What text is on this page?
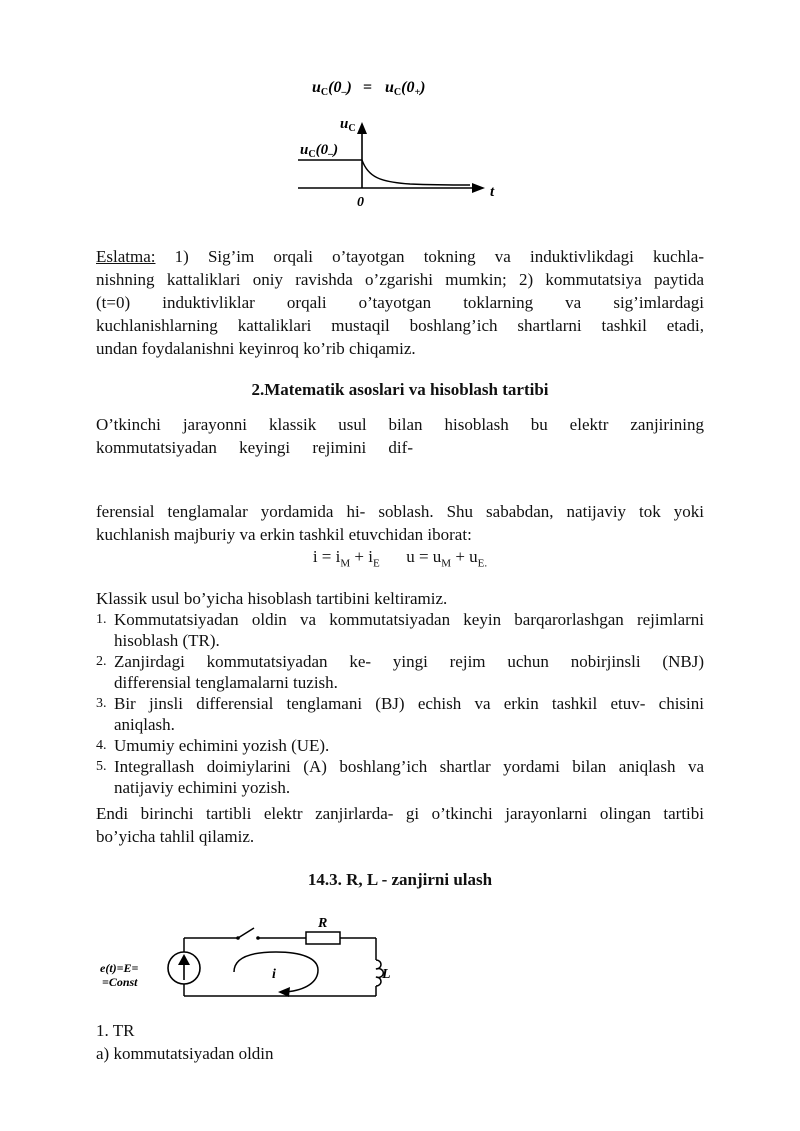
uC(0–) = uC(0+)
$u_C$
t
0
$u_C(0_-)$
Eslatma: 1) Sig’im orqali o’tayotgan tokning va induktivlikdagi kuchla-
nishning kattaliklari oniy ravishda o’zgarishi mumkin; 2) kommutatsiya paytida
(t=0) induktivliklar orqali o’tayotgan toklarning va sig’imlardagi
kuchlanishlarning kattaliklari mustaqil boshlang’ich shartlarni tashkil etadi,
undan foydalanishni keyinroq ko’rib chiqamiz.
2.Matematik asoslari va hisoblash tartibi
O’tkinchi jarayonni klassik usul bilan hisoblash bu elektr zanjirining
kommutatsiyadan keyingi rejimini dif-
ferensial tenglamalar yordamida hi- soblash. Shu sababdan, natijaviy tok yoki
kuchlanish majburiy va erkin tashkil etuvchidan iborat:
$i = i_M + i_E$ $u = u_M + u_{E.}$
Klassik usul bo’yicha hisoblash tartibini keltiramiz.
1. Kommutatsiyadan oldin va kommutatsiyadan keyin barqarorlashgan rejimlarni
hisoblash (TR).
2. Zanjirdagi kommutatsiyadan ke- yingi rejim uchun nobirjinsli (NBJ)
differensial tenglamalarni tuzish.
3. Bir jinsli differensial tenglamani (BJ) echish va erkin tashkil etuv- chisini
aniqlash.
4. Umumiy echimini yozish (UE).
5. Integrallash doimiylarini (A) boshlang’ich shartlar yordami bilan aniqlash va
natijaviy echimini yozish.
Endi birinchi tartibli elektr zanjirlarda- gi o’tkinchi jarayonlarni olingan tartibi
bo’yicha tahlil qilamiz.
14.3. R, L - zanjirni ulash
R
L
e(t)=E=
=Const	i
1. TR
a) kommutatsiyadan oldin
